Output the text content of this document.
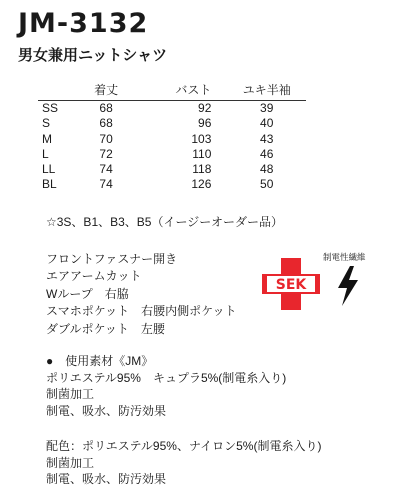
JM-3132
男女兼用ニットシャツ
	着丈	バスト	ユキ半袖
SS	68	92	39
S	68	96	40
M	70	103	43
L	72	110	46
LL	74	118	48
BL	74	126	50
☆3S、B1、B3、B5（イージーオーダー品）
フロントファスナー開き
エアアームカット
Wループ　右脇
スマホポケット　右腰内側ポケット
ダブルポケット　左腰
SEK
制電性繊維
●　使用素材《JM》
ポリエステル95%　キュプラ5%(制電糸入り)
制菌加工
制電、吸水、防汚効果
配色：ポリエステル95%、ナイロン5%(制電糸入り)
制菌加工
制電、吸水、防汚効果
